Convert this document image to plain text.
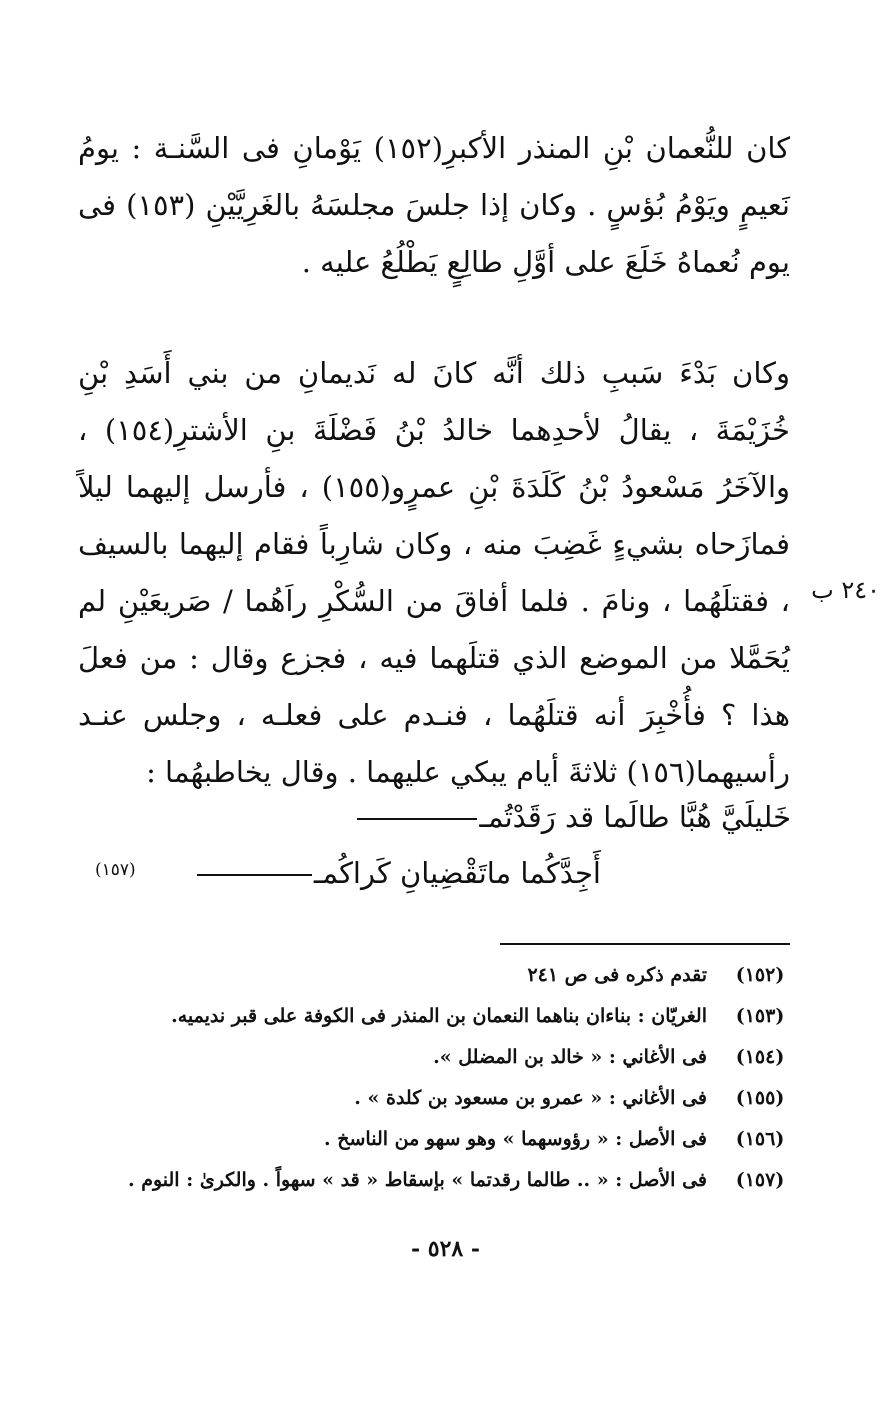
كان للنُّعمان بْنِ المنذر الأكبرِ(١٥٢) يَوْمانِ فى السَّنـة : يومُ نَعيمٍ ويَوْمُ بُؤسٍ . وكان إذا جلسَ مجلسَهُ بالغَرِيَّيْنِ (١٥٣) فى يوم نُعماهُ خَلَعَ على أوَّلِ طالِعٍ يَطْلُعُ عليه .

وكان بَدْءَ سَببِ ذلك أنَّه كانَ له نَديمانِ من بني أَسَدِ بْنِ خُزَيْمَةَ ، يقالُ لأحدِهما خالدُ بْنُ فَضْلَةَ بنِ الأشترِ(١٥٤) ، والآخَرُ مَسْعودُ بْنُ كَلَدَةَ بْنِ عمرٍو(١٥٥) ، فأرسل إليهما ليلاً فمازَحاه بشيءٍ غَضِبَ منه ، وكان شارِباً فقام إليهما بالسيف ، فقتلَهُما ، ونامَ . فلما أفاقَ من السُّكْرِ راَهُما / صَريعَيْنِ لم يُحَمَّلا من الموضع الذي قتلَهما فيه ، فجزع وقال : من فعلَ هذا ؟ فأُخْبِرَ أنه قتلَهُما ، فنـدم على فعلـه ، وجلس عنـد رأسيهما(١٥٦) ثلاثةَ أيام يبكي عليهما . وقال يخاطبهُما :

٢٤٠ ب
خَليلَيَّ هُبَّا طالَما قد رَقَدْتُمـ
أَجِدَّكُما ماتَقْضِيانِ كَراكُمـ
(١٥٧)
(١٥٢)
تقدم ذكره فى ص ٢٤١
(١٥٣)
الغريّان : بناءان بناهما النعمان بن المنذر فى الكوفة على قبر نديميه.
(١٥٤)
فى الأغاني : « خالد بن المضلل ».
(١٥٥)
فى الأغاني : « عمرو بن مسعود بن كلدة » .
(١٥٦)
فى الأصل : « رؤوسهما » وهو سهو من الناسخ .
(١٥٧)
فى الأصل : « .. طالما رقدتما » بإسقاط « قد » سهواً . والكرىٰ : النوم .
- ٥٢٨ -
